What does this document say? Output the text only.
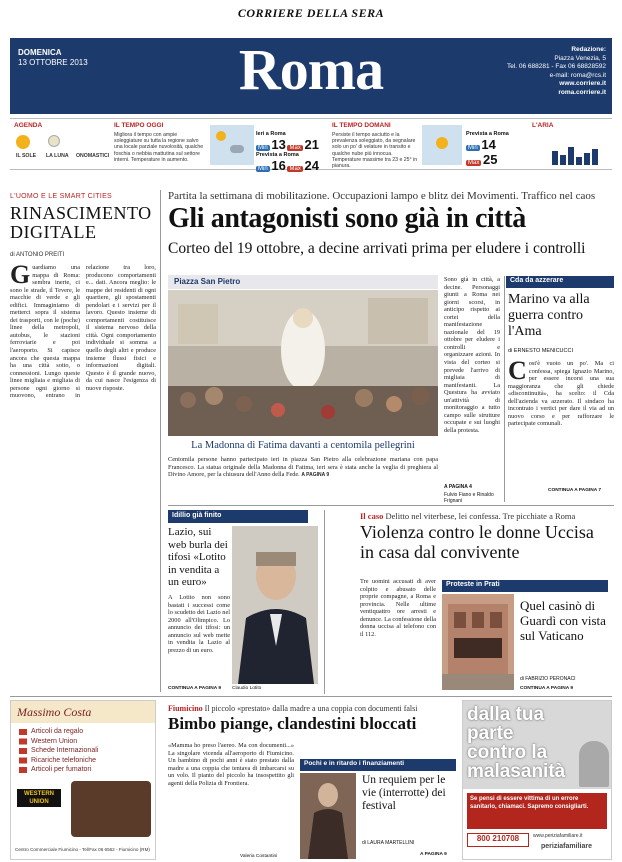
CORRIERE DELLA SERA
DOMENICA
13 OTTOBRE 2013	Roma	Redazione:
Piazza Venezia, 5
Tel. 06 688281 - Fax 06 68828592
e-mail: roma@rcs.it
www.corriere.it
roma.corriere.it
AGENDA
IL SOLE LA LUNA ONOMASTICI
IL TEMPO OGGI
Migliora il tempo con ampie soleggiature su tutta la regione salvo una locale parziale nuvolosità, qualche foschia o nebbia mattutina sul settore interni. Temperature in aumento.
Ieri a Roma
Min 13 Max 21
Prevista a Roma
Min 16 Max 24
IL TEMPO DOMANI
Persiste il tempo asciutto e la prevalenza soleggiato, da segnalare solo un po' di velature in transito e qualche nube più innocua. Temperature massime tra 23 e 25° in pianura.
Prevista a Roma
Min 14
Max 25
L'ARIA
L'UOMO E LE SMART CITIES
RINASCIMENTO DIGITALE
di ANTONIO PREITI
Guardiamo una mappa di Roma: sembra inerte, ci sono le strade, il Tevere, le macchie di verde e gli edifici. Immaginiamo di metterci sopra il sistema dei trasporti, con le (poche) linee della metropoli, autobus, le stazioni ferroviarie e poi l'aeroporto. Si capisce ancora che questa mappa ha una città sotto, o connessioni. Lungo queste linee migliaia e migliaia di persone ogni giorno si muovono, entrano in relazione tra loro, producono comportamenti e... dati. Ancora meglio: le mappe dei residenti di ogni quartiere, gli spostamenti pendolari e i servizi per il lavoro. Questo insieme di comportamenti costituisce il sistema nervoso della città. Ogni comportamento individuale si somma a quello degli altri e produce insieme flussi fisici e informazioni digitali. Questo è il grande nuovo, da cui nasce l'esigenza di nuove risposte.
Partita la settimana di mobilitazione. Occupazioni lampo e blitz dei Movimenti. Traffico nel caos
Gli antagonisti sono già in città
Corteo del 19 ottobre, a decine arrivati prima per eludere i controlli
Piazza San Pietro
La Madonna di Fatima davanti a centomila pellegrini
Centomila persone hanno partecipato ieri in piazza San Pietro alla celebrazione mariana con papa Francesco. La statua originale della Madonna di Fatima, ieri sera è stata anche la veglia di preghiera al Divino Amore, per la chiusura dell'Anno della Fede. A PAGINA 9
Sono già in città, a decine. Personaggi giunti a Roma nei giorni scorsi, in anticipo rispetto ai cortei della manifestazione nazionale del 19 ottobre per eludere i controlli e organizzare azioni. In vista del corteo si prevede l'arrivo di migliaia di manifestanti. La Questura ha avviato un'attività di monitoraggio a tutto campo sulle strutture occupate e sui luoghi della protesta.
A PAGINA 4
Fulvio Fiano e Rinaldo Frignani
Cda da azzerare
Marino va alla guerra contro l'Ama
di ERNESTO MENICUCCI
Cost'è vuoto un po'. Ma ci confessa, spiega Ignazio Marino, per essere incorsi una sua maggioranza che gli chiede «discontinuità», ha scelto: il Cda dell'azienda va azzerato. Il sindaco ha incontrato i vertici per dare il via ad un nuovo corso e per rafforzare le partecipate comunali.
CONTINUA A PAGINA 7
Idillio già finito
Lazio, sui web burla dei tifosi «Lotito in vendita a un euro»
A Lotito non sono bastati i successi come lo scudetto dei Lazio nel 2000 all'Olimpico. Lo annuncio dei tifosi: un annuncio sul web mette in vendita la Lazio al prezzo di un euro.
Claudio Lotito
CONTINUA A PAGINA 9
Il caso Delitto nel viterbese, lei confessa. Tre picchiate a Roma
Violenza contro le donne Uccisa in casa dal convivente
Tre uomini accusati di aver colpito e abusato delle proprie compagne, a Roma e provincia. Nelle ultime ventiquattro ore arresti e denunce. La confessione della donna uccisa al telefono con il 112.
Proteste in Prati
Quel casinò di Guardì con vista sul Vaticano
di FABRIZIO PERONACI
CONTINUA A PAGINA 9
Massimo Costa
Articoli da regalo
Western Union
Schede Internazionali
Ricariche telefoniche
Articoli per fumatori
WESTERN UNION
Centro Commerciale Fiumicino - Tel/Fax 06 6562 - Fiumicino (RM)
Fiumicino Il piccolo «prestato» dalla madre a una coppia con documenti falsi
Bimbo piange, clandestini bloccati
«Mamma ho preso l'aereo. Ma con documenti...» La singolare vicenda all'aeroporto di Fiumicino. Un bambino di pochi anni è stato prestato dalla madre a una coppia che tentava di imbarcarsi su un volo. Il pianto del piccolo ha insospettito gli agenti della Polizia di Frontiera.
Valeria Costantini
Pochi e in ritardo i finanziamenti
Un requiem per le vie (interrotte) dei festival
di LAURA MARTELLINI
A PAGINA 9
dalla tua parte contro la malasanità
Se pensi di essere vittima di un errore sanitario, chiamaci. Sapremo consigliarti.
800 210708	www.periziafamiliare.it
periziafamiliare
